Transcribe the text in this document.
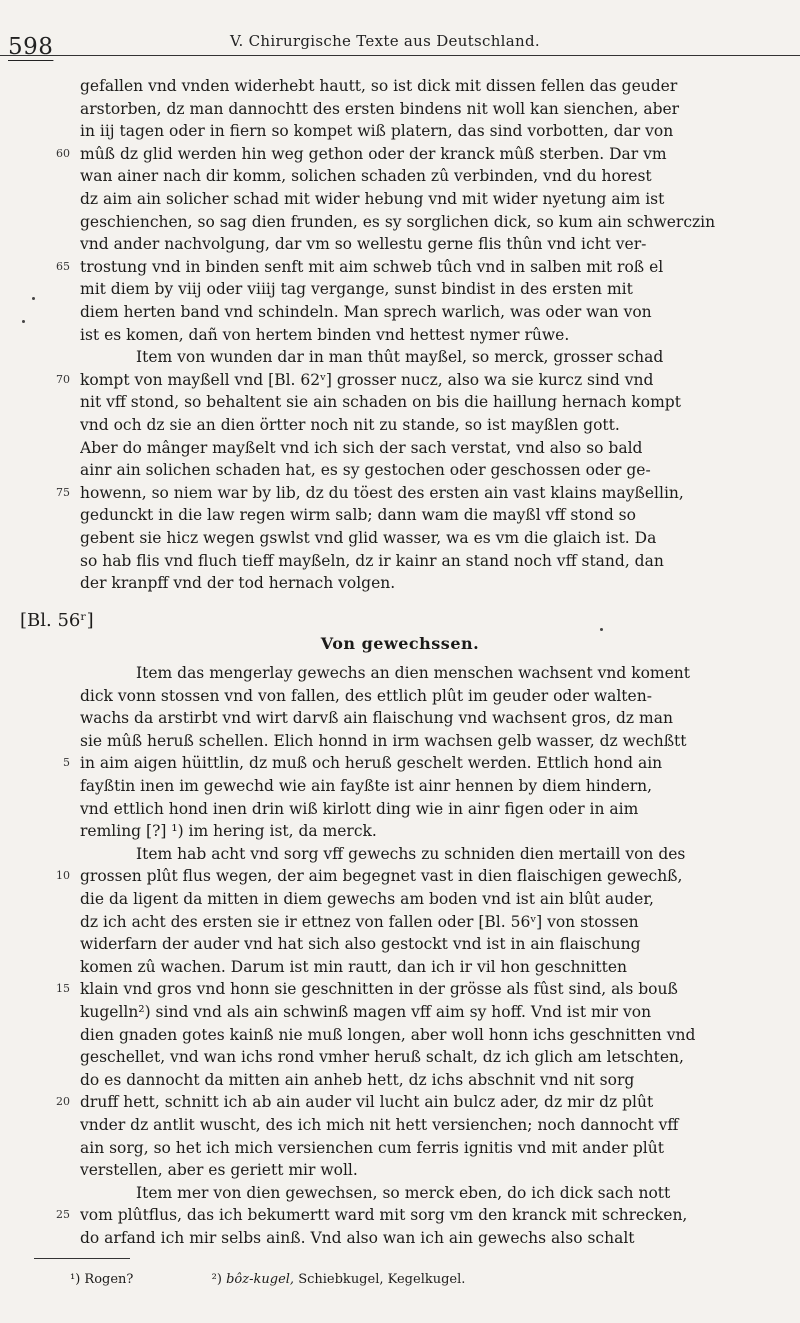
598	V. Chirurgische Texte aus Deutschland.
gefallen vnd vnden widerhebt hautt, so ist dick mit dissen fellen das geuder
arstorben, dz man dannochtt des ersten bindens nit woll kan sienchen, aber
in iij tagen oder in fiern so kompet wiß platern, das sind vorbotten, dar von
mûß dz glid werden hin weg gethon oder der kranck mûß sterben. Dar vm
60
wan ainer nach dir komm, solichen schaden zû verbinden, vnd du horest
dz aim ain solicher schad mit wider hebung vnd mit wider nyetung aim ist
geschienchen, so sag dien frunden, es sy sorglichen dick, so kum ain schwerczin
vnd ander nachvolgung, dar vm so wellestu gerne flis thûn vnd icht ver-
trostung vnd in binden senft mit aim schweb tûch vnd in salben mit roß el
65
mit diem by viij oder viiij tag vergange, sunst bindist in des ersten mit
diem herten band vnd schindeln. Man sprech warlich, was oder wan von
ist es komen, dañ von hertem binden vnd hettest nymer rûwe.
Item von wunden dar in man thût mayßel, so merck, grosser schad
kompt von mayßell vnd [Bl. 62ᵛ] grosser nucz, also wa sie kurcz sind vnd
70
nit vff stond, so behaltent sie ain schaden on bis die haillung hernach kompt
vnd och dz sie an dien örtter noch nit zu stande, so ist mayßlen gott.
Aber do mânger mayßelt vnd ich sich der sach verstat, vnd also so bald
ainr ain solichen schaden hat, es sy gestochen oder geschossen oder ge-
howenn, so niem war by lib, dz du töest des ersten ain vast klains mayßellin,
75
gedunckt in die law regen wirm salb; dann wam die mayßl vff stond so
gebent sie hicz wegen gswlst vnd glid wasser, wa es vm die glaich ist. Da
so hab flis vnd fluch tieff mayßeln, dz ir kainr an stand noch vff stand, dan
der kranpff vnd der tod hernach volgen.
[Bl. 56ʳ]
Von gewechssen.
Item das mengerlay gewechs an dien menschen wachsent vnd koment
dick vonn stossen vnd von fallen, des ettlich plût im geuder oder walten-
wachs da arstirbt vnd wirt darvß ain flaischung vnd wachsent gros, dz man
sie mûß heruß schellen. Elich honnd in irm wachsen gelb wasser, dz wechßtt
in aim aigen hüittlin, dz muß och heruß geschelt werden. Ettlich hond ain
5
fayßtin inen im gewechd wie ain fayßte ist ainr hennen by diem hindern,
vnd ettlich hond inen drin wiß kirlott ding wie in ainr figen oder in aim
remling [?] ¹) im hering ist, da merck.
Item hab acht vnd sorg vff gewechs zu schniden dien mertaill von des
grossen plût flus wegen, der aim begegnet vast in dien flaischigen gewechß,
10
die da ligent da mitten in diem gewechs am boden vnd ist ain blût auder,
dz ich acht des ersten sie ir ettnez von fallen oder [Bl. 56ᵛ] von stossen
widerfarn der auder vnd hat sich also gestockt vnd ist in ain flaischung
komen zû wachen. Darum ist min rautt, dan ich ir vil hon geschnitten
klain vnd gros vnd honn sie geschnitten in der grösse als fûst sind, als bouß
15
kugelln²) sind vnd als ain schwinß magen vff aim sy hoff. Vnd ist mir von
dien gnaden gotes kainß nie muß longen, aber woll honn ichs geschnitten vnd
geschellet, vnd wan ichs rond vmher heruß schalt, dz ich glich am letschten,
do es dannocht da mitten ain anheb hett, dz ichs abschnit vnd nit sorg
druff hett, schnitt ich ab ain auder vil lucht ain bulcz ader, dz mir dz plût
20
vnder dz antlit wuscht, des ich mich nit hett versienchen; noch dannocht vff
ain sorg, so het ich mich versienchen cum ferris ignitis vnd mit ander plût
verstellen, aber es geriett mir woll.
Item mer von dien gewechsen, so merck eben, do ich dick sach nott
vom plûtflus, das ich bekumertt ward mit sorg vm den kranck mit schrecken,
25
do arfand ich mir selbs ainß. Vnd also wan ich ain gewechs also schalt
¹) Rogen?	²) bôz-kugel, Schiebkugel, Kegelkugel.
